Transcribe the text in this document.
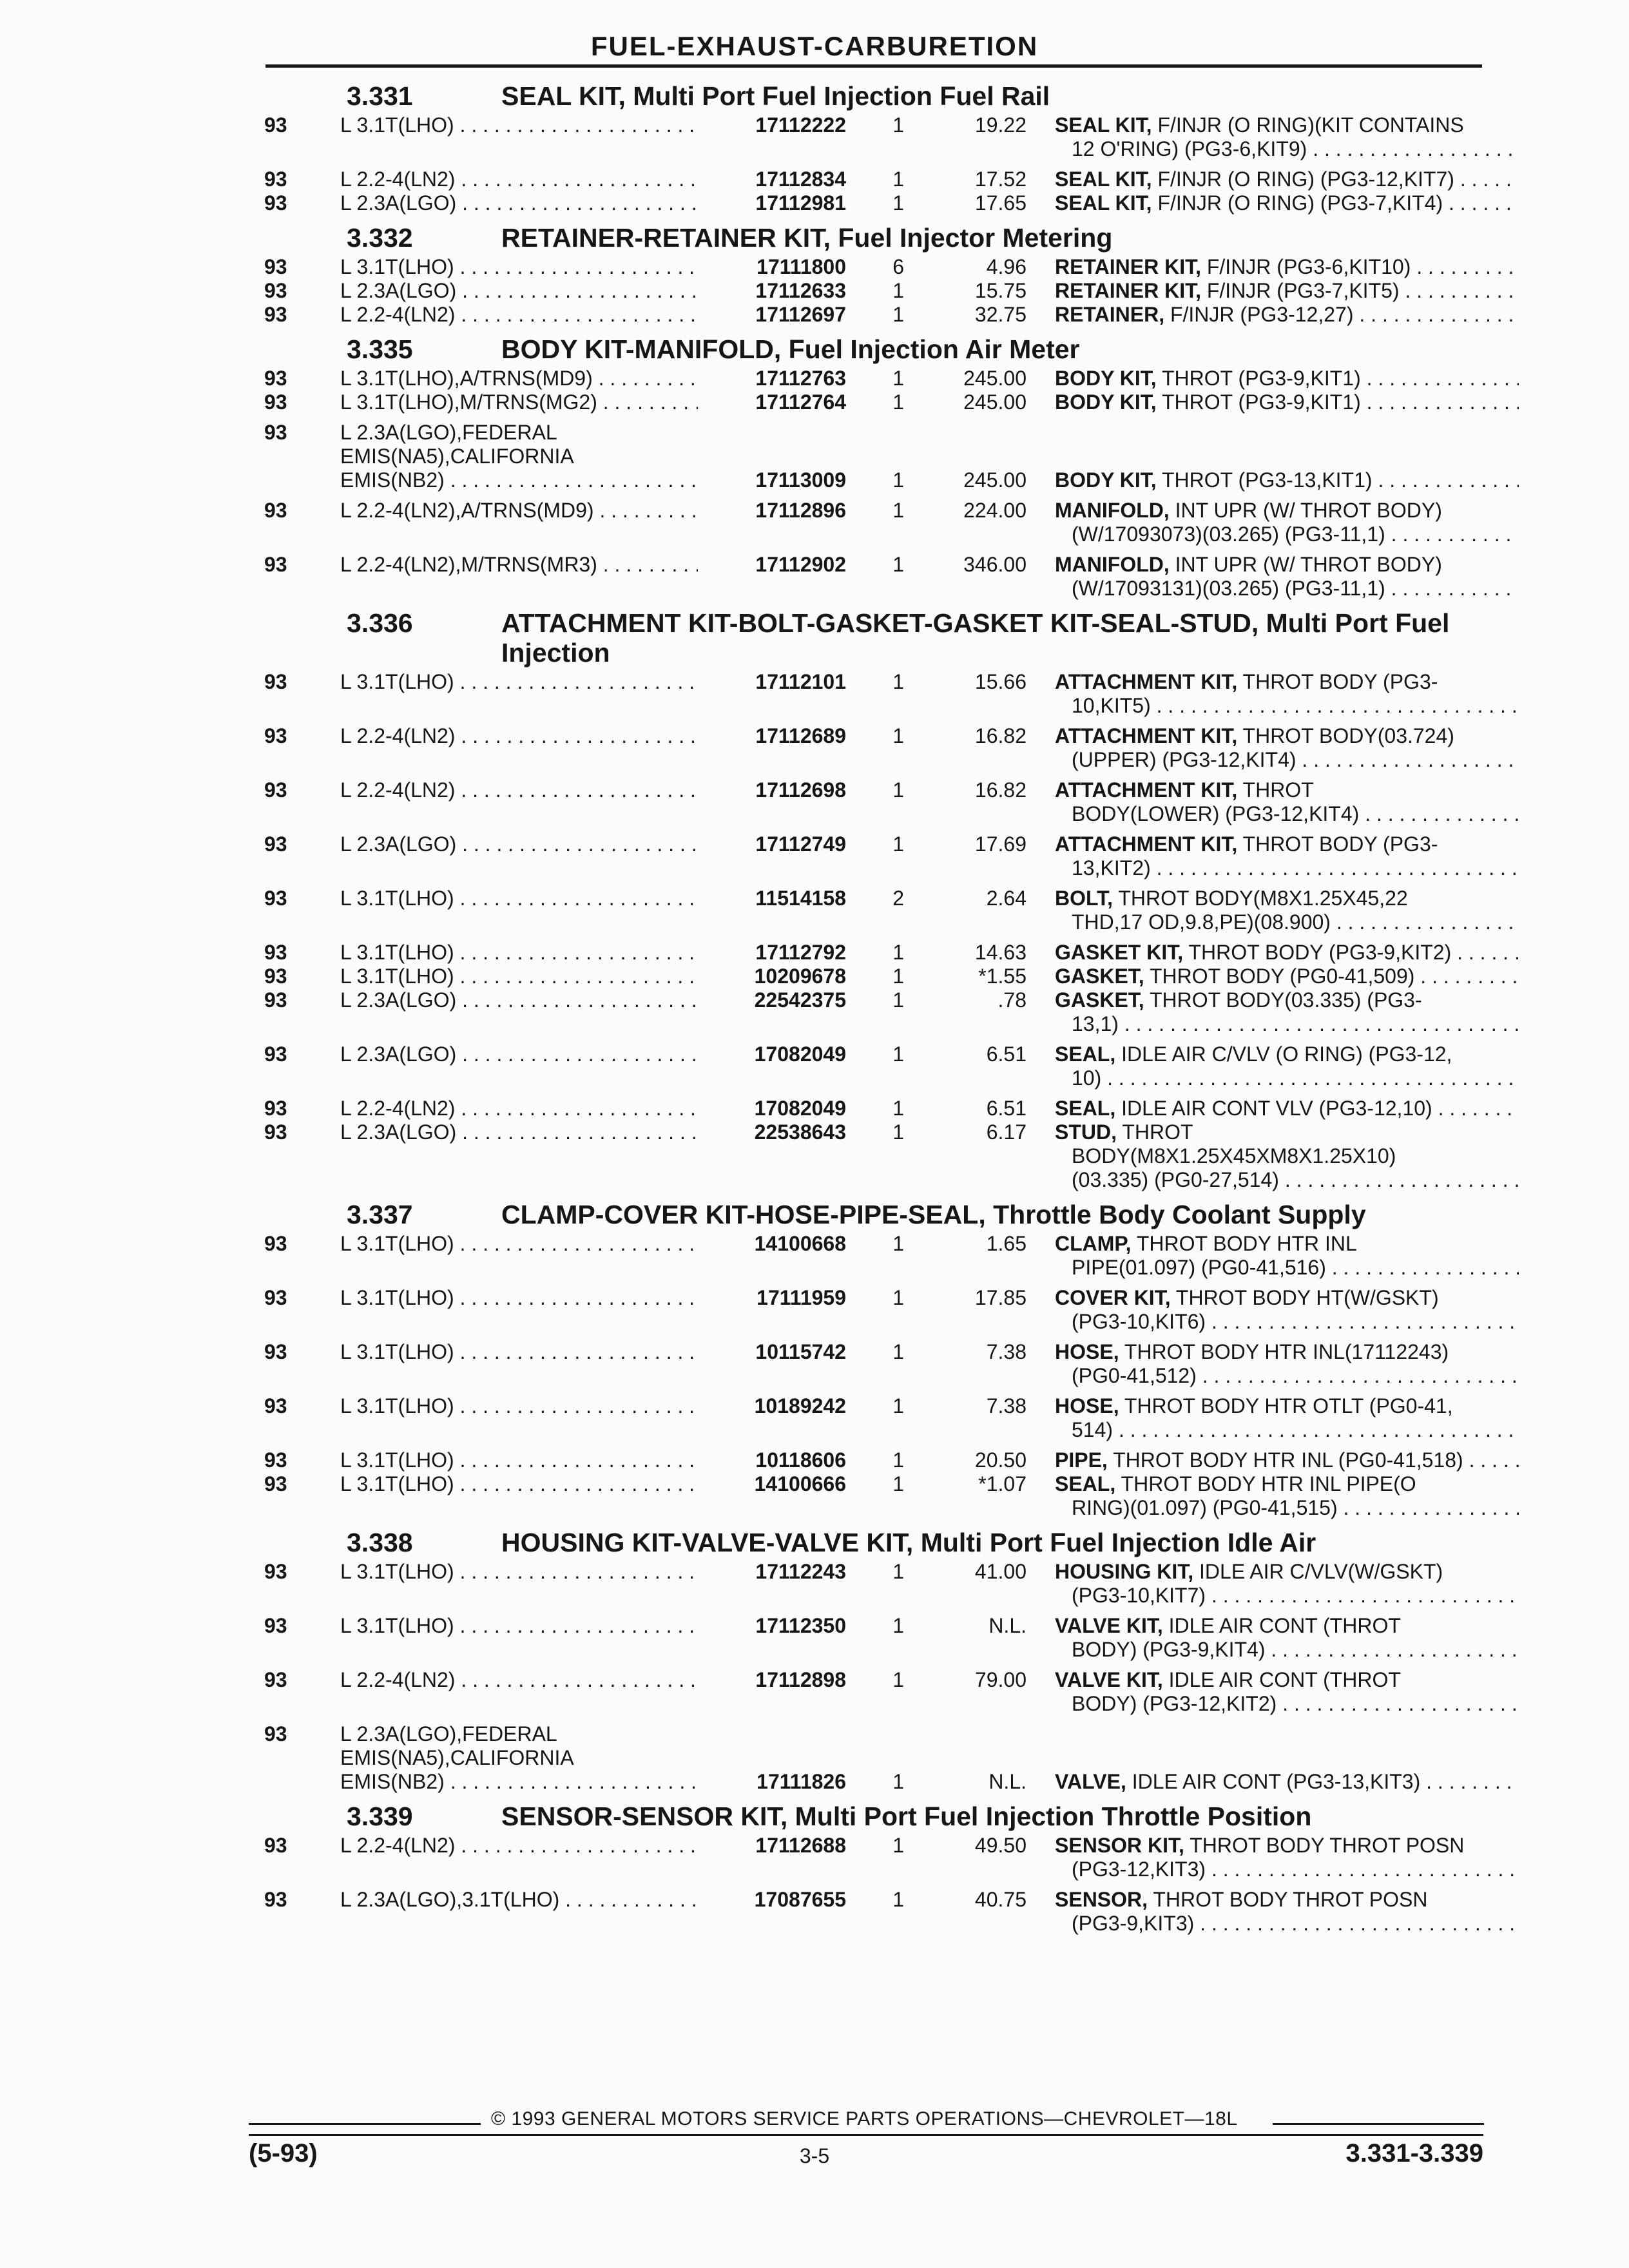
FUEL-EXHAUST-CARBURETION
3.331	SEAL KIT, Multi Port Fuel Injection Fuel Rail
93	L 3.1T(LHO) . . .	17112222	1	19.22 SEAL KIT, F/INJR (O RING)(KIT CONTAINS
12 O'RING) (PG3-6,KIT9) . . .
93	L 2.2-4(LN2) . . .	17112834	1	17.52 SEAL KIT, F/INJR (O RING) (PG3-12,KIT7) . . .
93	L 2.3A(LGO) . . .	17112981	1	17.65 SEAL KIT, F/INJR (O RING) (PG3-7,KIT4) . . .
3.332	RETAINER-RETAINER KIT, Fuel Injector Metering
93	L 3.1T(LHO) . . .	17111800	6	4.96 RETAINER KIT, F/INJR (PG3-6,KIT10) . . .
93	L 2.3A(LGO) . . .	17112633	1	15.75 RETAINER KIT, F/INJR (PG3-7,KIT5) . . .
93	L 2.2-4(LN2) . . .	17112697	1	32.75 RETAINER, F/INJR (PG3-12,27) . . .
3.335	BODY KIT-MANIFOLD, Fuel Injection Air Meter
93	L 3.1T(LHO),A/TRNS(MD9) . . .	17112763	1	245.00 BODY KIT, THROT (PG3-9,KIT1) . . .
93	L 3.1T(LHO),M/TRNS(MG2) . . .	17112764	1	245.00 BODY KIT, THROT (PG3-9,KIT1) . . .
93	L 2.3A(LGO),FEDERAL
EMIS(NA5),CALIFORNIA
EMIS(NB2) . . .	17113009	1	245.00 BODY KIT, THROT (PG3-13,KIT1) . . .
93	L 2.2-4(LN2),A/TRNS(MD9) . . .	17112896	1	224.00 MANIFOLD, INT UPR (W/ THROT BODY)
(W/17093073)(03.265) (PG3-11,1) . . .
93	L 2.2-4(LN2),M/TRNS(MR3) . . .	17112902	1	346.00 MANIFOLD, INT UPR (W/ THROT BODY)
(W/17093131)(03.265) (PG3-11,1) . . .
3.336	ATTACHMENT KIT-BOLT-GASKET-GASKET KIT-SEAL-STUD, Multi Port Fuel Injection
93	L 3.1T(LHO) . . .	17112101	1	15.66 ATTACHMENT KIT, THROT BODY (PG3-
10,KIT5) . . .
93	L 2.2-4(LN2) . . .	17112689	1	16.82 ATTACHMENT KIT, THROT BODY(03.724)
(UPPER) (PG3-12,KIT4) . . .
93	L 2.2-4(LN2) . . .	17112698	1	16.82 ATTACHMENT KIT, THROT
BODY(LOWER) (PG3-12,KIT4) . . .
93	L 2.3A(LGO) . . .	17112749	1	17.69 ATTACHMENT KIT, THROT BODY (PG3-
13,KIT2) . . .
93	L 3.1T(LHO) . . .	11514158	2	2.64 BOLT, THROT BODY(M8X1.25X45,22
THD,17 OD,9.8,PE)(08.900) . . .
93	L 3.1T(LHO) . . .	17112792	1	14.63 GASKET KIT, THROT BODY (PG3-9,KIT2) . . .
93	L 3.1T(LHO) . . .	10209678	1	*1.55 GASKET, THROT BODY (PG0-41,509) . . .
93	L 2.3A(LGO) . . .	22542375	1	.78 GASKET, THROT BODY(03.335) (PG3-
13,1) . . .
93	L 2.3A(LGO) . . .	17082049	1	6.51 SEAL, IDLE AIR C/VLV (O RING) (PG3-12,
10) . . .
93	L 2.2-4(LN2) . . .	17082049	1	6.51 SEAL, IDLE AIR CONT VLV (PG3-12,10) . . .
93	L 2.3A(LGO) . . .	22538643	1	6.17 STUD, THROT
BODY(M8X1.25X45XM8X1.25X10)
(03.335) (PG0-27,514) . . .
3.337	CLAMP-COVER KIT-HOSE-PIPE-SEAL, Throttle Body Coolant Supply
93	L 3.1T(LHO) . . .	14100668	1	1.65 CLAMP, THROT BODY HTR INL
PIPE(01.097) (PG0-41,516) . . .
93	L 3.1T(LHO) . . .	17111959	1	17.85 COVER KIT, THROT BODY HT(W/GSKT)
(PG3-10,KIT6) . . .
93	L 3.1T(LHO) . . .	10115742	1	7.38 HOSE, THROT BODY HTR INL(17112243)
(PG0-41,512) . . .
93	L 3.1T(LHO) . . .	10189242	1	7.38 HOSE, THROT BODY HTR OTLT (PG0-41,
514) . . .
93	L 3.1T(LHO) . . .	10118606	1	20.50 PIPE, THROT BODY HTR INL (PG0-41,518) . . .
93	L 3.1T(LHO) . . .	14100666	1	*1.07 SEAL, THROT BODY HTR INL PIPE(O
RING)(01.097) (PG0-41,515) . . .
3.338	HOUSING KIT-VALVE-VALVE KIT, Multi Port Fuel Injection Idle Air
93	L 3.1T(LHO) . . .	17112243	1	41.00 HOUSING KIT, IDLE AIR C/VLV(W/GSKT)
(PG3-10,KIT7) . . .
93	L 3.1T(LHO) . . .	17112350	1	N.L. VALVE KIT, IDLE AIR CONT (THROT
BODY) (PG3-9,KIT4) . . .
93	L 2.2-4(LN2) . . .	17112898	1	79.00 VALVE KIT, IDLE AIR CONT (THROT
BODY) (PG3-12,KIT2) . . .
93	L 2.3A(LGO),FEDERAL
EMIS(NA5),CALIFORNIA
EMIS(NB2) . . .	17111826	1	N.L. VALVE, IDLE AIR CONT (PG3-13,KIT3) . . .
3.339	SENSOR-SENSOR KIT, Multi Port Fuel Injection Throttle Position
93	L 2.2-4(LN2) . . .	17112688	1	49.50 SENSOR KIT, THROT BODY THROT POSN
(PG3-12,KIT3) . . .
93	L 2.3A(LGO),3.1T(LHO) . . .	17087655	1	40.75 SENSOR, THROT BODY THROT POSN
(PG3-9,KIT3) . . .
© 1993 GENERAL MOTORS SERVICE PARTS OPERATIONS—CHEVROLET—18L
(5-93)	3-5	3.331-3.339
